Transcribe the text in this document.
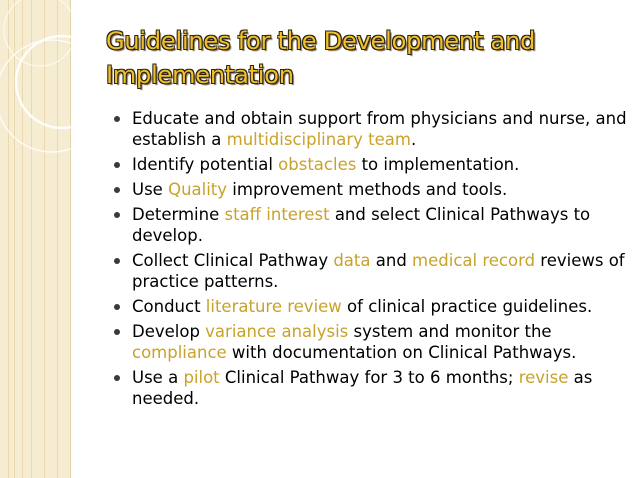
Guidelines for the Development and
Implementation
Educate and obtain support from physicians and nurse, and establish a multidisciplinary team.
Identify potential obstacles to implementation.
Use Quality improvement methods and tools.
Determine staff interest and select Clinical Pathways to develop.
Collect Clinical Pathway data and medical record reviews of practice patterns.
Conduct literature review of clinical practice guidelines.
Develop variance analysis system and monitor the compliance with documentation on Clinical Pathways.
Use a pilot Clinical Pathway for 3 to 6 months; revise as needed.
